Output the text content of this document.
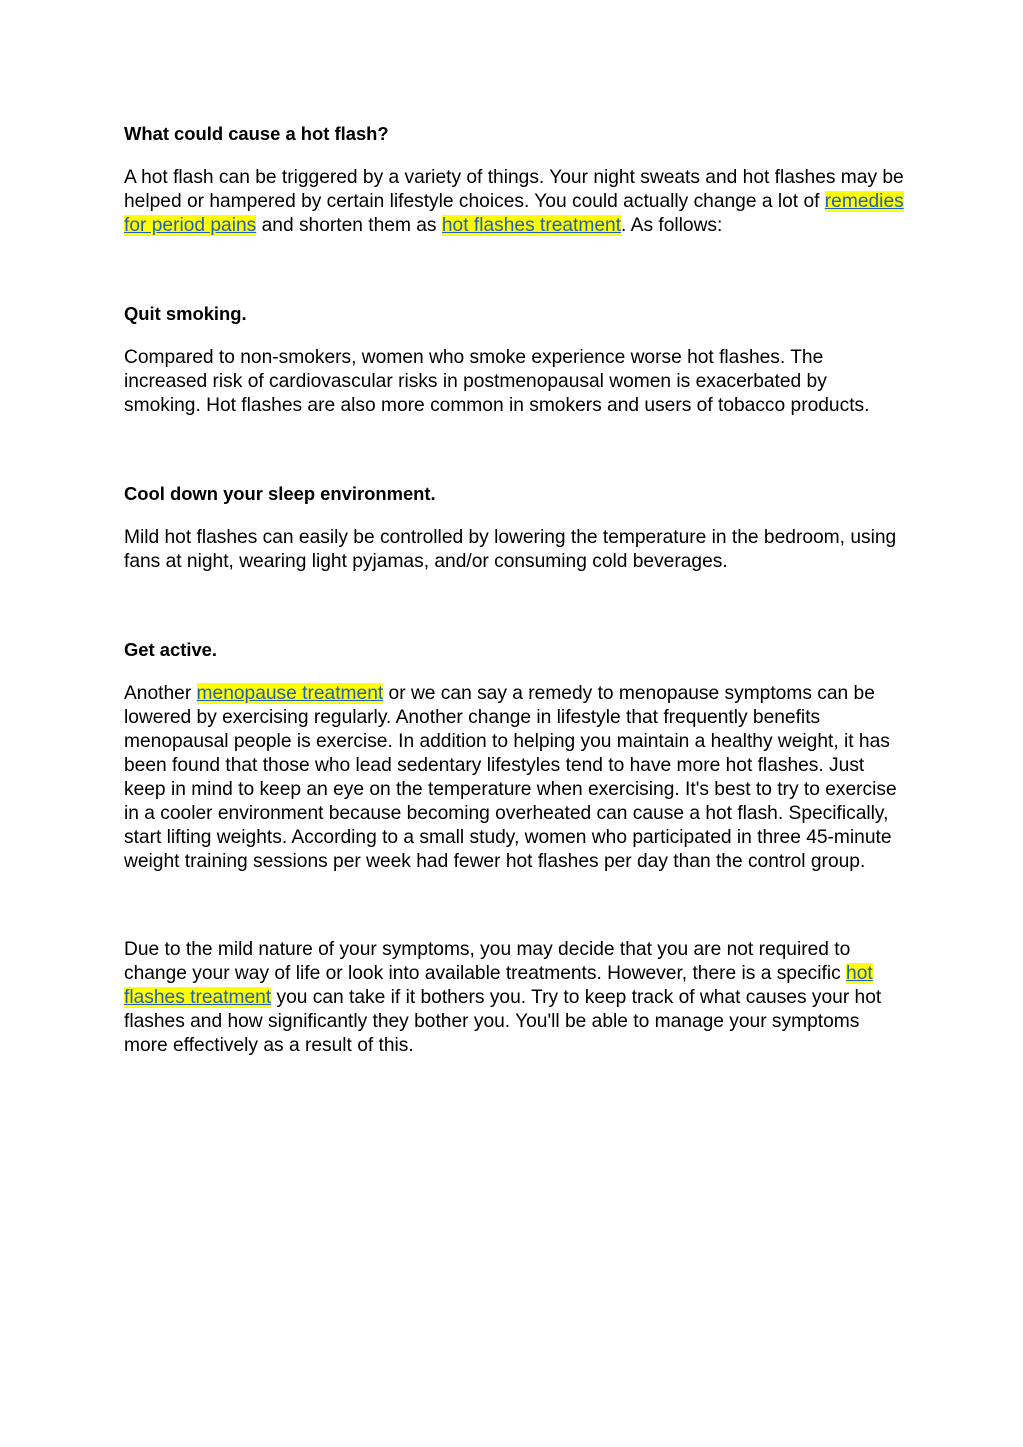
What could cause a hot flash?

A hot flash can be triggered by a variety of things. Your night sweats and hot flashes may be helped or hampered by certain lifestyle choices. You could actually change a lot of remedies for period pains and shorten them as hot flashes treatment. As follows:

Quit smoking.

Compared to non-smokers, women who smoke experience worse hot flashes. The increased risk of cardiovascular risks in postmenopausal women is exacerbated by smoking. Hot flashes are also more common in smokers and users of tobacco products.

Cool down your sleep environment.

Mild hot flashes can easily be controlled by lowering the temperature in the bedroom, using fans at night, wearing light pyjamas, and/or consuming cold beverages.

Get active.

Another menopause treatment or we can say a remedy to menopause symptoms can be lowered by exercising regularly. Another change in lifestyle that frequently benefits menopausal people is exercise. In addition to helping you maintain a healthy weight, it has been found that those who lead sedentary lifestyles tend to have more hot flashes. Just keep in mind to keep an eye on the temperature when exercising. It's best to try to exercise in a cooler environment because becoming overheated can cause a hot flash. Specifically, start lifting weights. According to a small study, women who participated in three 45-minute weight training sessions per week had fewer hot flashes per day than the control group.

Due to the mild nature of your symptoms, you may decide that you are not required to change your way of life or look into available treatments. However, there is a specific hot flashes treatment you can take if it bothers you. Try to keep track of what causes your hot flashes and how significantly they bother you. You'll be able to manage your symptoms more effectively as a result of this.
